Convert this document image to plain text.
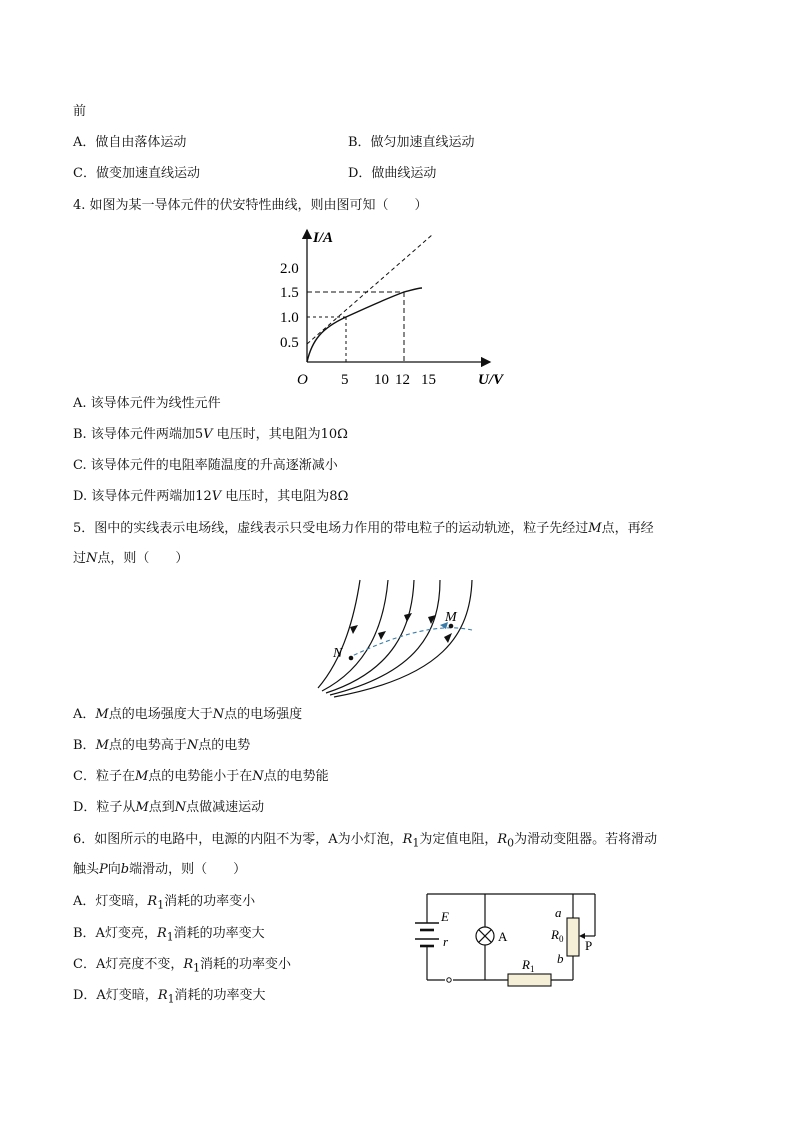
前
A．做自由落体运动	B．做匀加速直线运动
C．做变加速直线运动	D．做曲线运动
4. 如图为某一导体元件的伏安特性曲线，则由图可知（　　）
I/A
U/V
O
0.5
1.0
1.5
2.0
5 10 12 15
A. 该导体元件为线性元件
B. 该导体元件两端加5V 电压时，其电阻为10Ω
C. 该导体元件的电阻率随温度的升高逐渐减小
D. 该导体元件两端加12V 电压时，其电阻为8Ω
5．图中的实线表示电场线，虚线表示只受电场力作用的带电粒子的运动轨迹，粒子先经过M点，再经
过N点，则（　　）
M
N
A．M点的电场强度大于N点的电场强度
B．M点的电势高于N点的电势
C．粒子在M点的电势能小于在N点的电势能
D．粒子从M点到N点做减速运动
6．如图所示的电路中，电源的内阻不为零，A为小灯泡，$R_1$为定值电阻，$R_0$为滑动变阻器。若将滑动
触头P向b端滑动，则（　　）
A．灯变暗，$R_1$消耗的功率变小
B．A灯变亮，$R_1$消耗的功率变大
C．A灯亮度不变，$R_1$消耗的功率变小
D．A灯变暗，$R_1$消耗的功率变大
E
r	A
$R_1$
a
$R_0$
b
P
